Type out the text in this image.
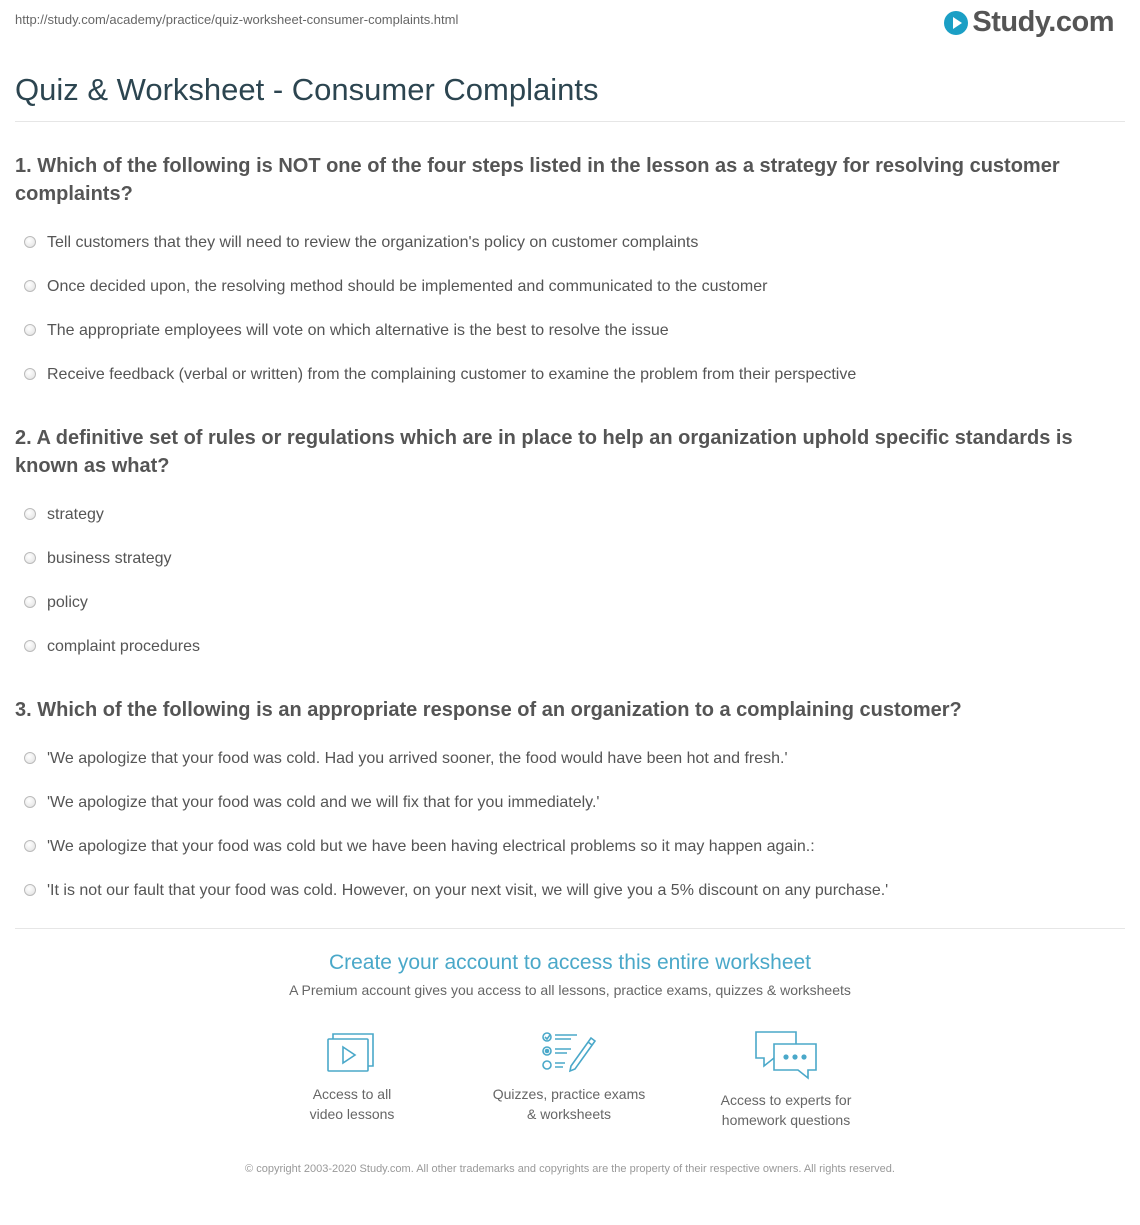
http://study.com/academy/practice/quiz-worksheet-consumer-complaints.html	Study.com
Quiz & Worksheet - Consumer Complaints
1. Which of the following is NOT one of the four steps listed in the lesson as a strategy for resolving customer complaints?
Tell customers that they will need to review the organization's policy on customer complaints
Once decided upon, the resolving method should be implemented and communicated to the customer
The appropriate employees will vote on which alternative is the best to resolve the issue
Receive feedback (verbal or written) from the complaining customer to examine the problem from their perspective
2. A definitive set of rules or regulations which are in place to help an organization uphold specific standards is known as what?
strategy
business strategy
policy
complaint procedures
3. Which of the following is an appropriate response of an organization to a complaining customer?
'We apologize that your food was cold. Had you arrived sooner, the food would have been hot and fresh.'
'We apologize that your food was cold and we will fix that for you immediately.'
'We apologize that your food was cold but we have been having electrical problems so it may happen again.:
'It is not our fault that your food was cold. However, on your next visit, we will give you a 5% discount on any purchase.'
Create your account to access this entire worksheet
A Premium account gives you access to all lessons, practice exams, quizzes & worksheets
Access to all
video lessons
Quizzes, practice exams
& worksheets
Access to experts for
homework questions
© copyright 2003-2020 Study.com. All other trademarks and copyrights are the property of their respective owners. All rights reserved.
